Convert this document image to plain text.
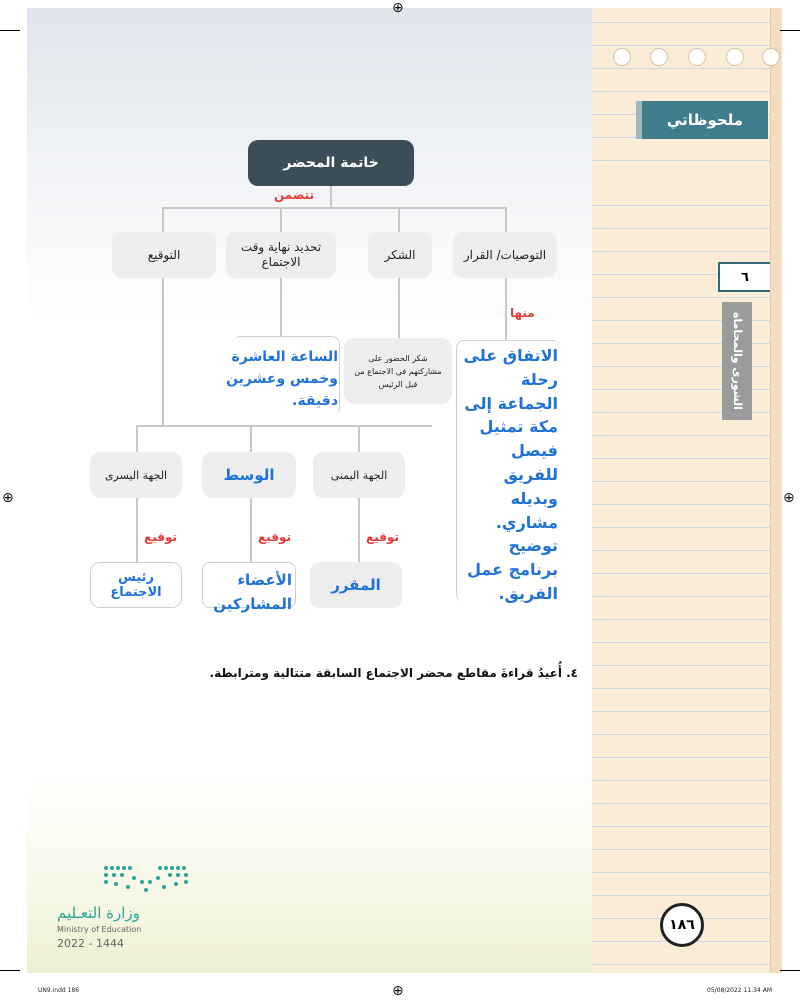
ملحوظاتي
٦
الشورى والمحاماة
⊕
⊕
⊕	⊕
خاتمة المحضر
تتضمن
التوصيات/ القرار
الشكر
تحديد نهاية وقت الاجتماع
التوقيع
منها
الاتفاق على
رحلة
الجماعة إلى
مكة تمثيل
فيصل للفريق
وبديله
مشاري.
توضيح
برنامج عمل
الفريق.
شكر الحضور على
مشاركتهم في الاجتماع من
قبل الرئيس
الساعة العاشرة
وخمس وعشرين
دقيقة.
الجهة اليمنى
الوسط
الجهة اليسرى
توقيع
توقيع
توقيع
المقرر
الأعضاء المشاركين
رئيس الاجتماع
٤. أُعيدُ قراءةَ مقاطع محضر الاجتماع السابقة متتالية ومترابطة.
وزارة التعـليم
Ministry of Education
2022 - 1444
١٨٦
UN9.indd 186	05/08/2022 11:34 AM
